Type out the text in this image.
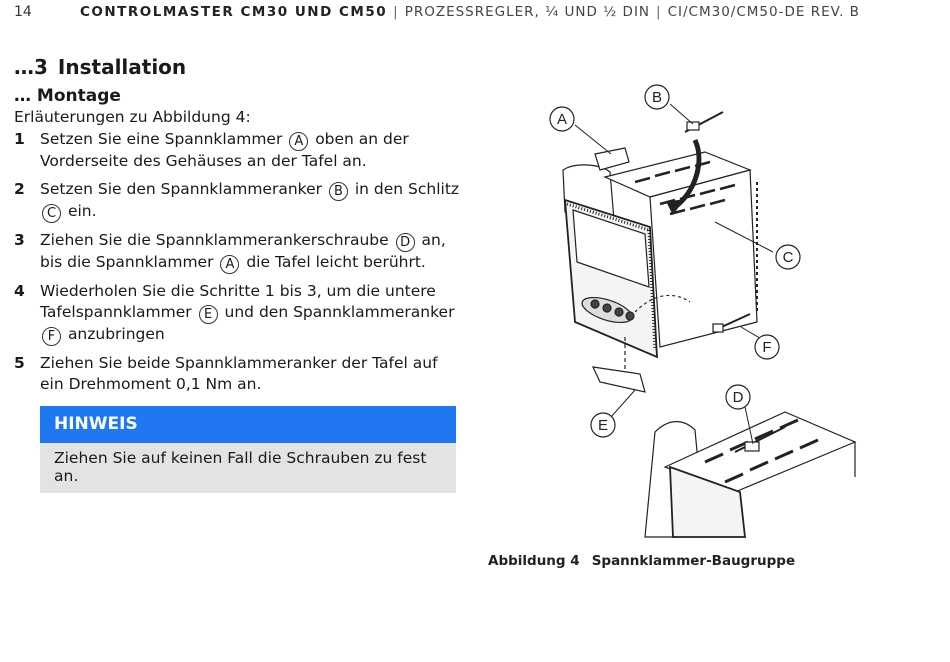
14	CONTROLMASTER CM30 UND CM50 | PROZESSREGLER, ¼ UND ½ DIN | CI/CM30/CM50-DE REV. B
…3 Installation
… Montage
Erläuterungen zu Abbildung 4:
1 Setzen Sie eine Spannklammer A oben an der Vorderseite des Gehäuses an der Tafel an.
2 Setzen Sie den Spannklammeranker B in den Schlitz C ein.
3 Ziehen Sie die Spannklammerankerschraube D an, bis die Spannklammer A die Tafel leicht berührt.
4 Wiederholen Sie die Schritte 1 bis 3, um die untere Tafelspannklammer E und den Spannklammeranker F anzubringen
5 Ziehen Sie beide Spannklammeranker der Tafel auf ein Drehmoment 0,1 Nm an.
HINWEIS
Ziehen Sie auf keinen Fall die Schrauben zu fest an.
A
B
C
D
E
F
Abbildung 4 Spannklammer-Baugruppe
